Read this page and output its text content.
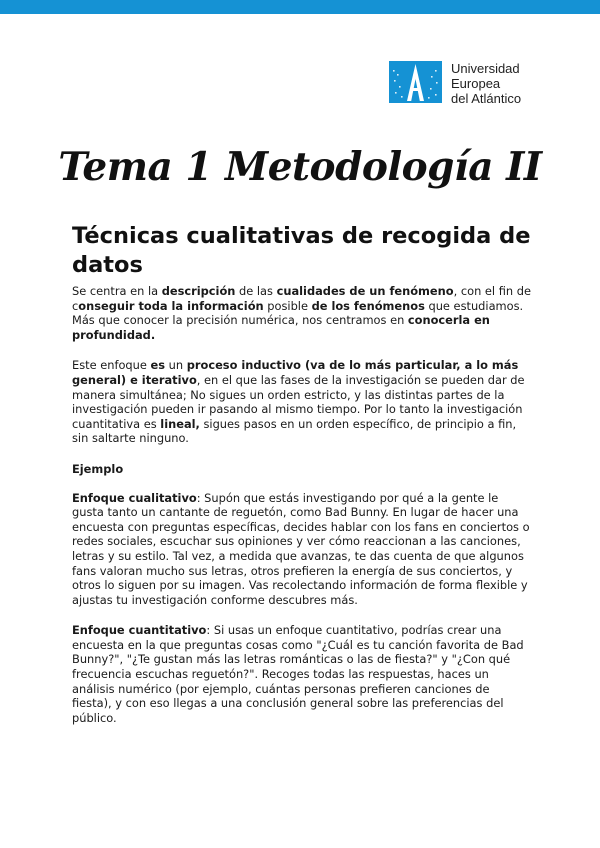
Universidad
Europea
del Atlántico
Tema 1 Metodología II
Técnicas cualitativas de recogida de datos

Se centra en la descripción de las cualidades de un fenómeno, con el fin de conseguir toda la información posible de los fenómenos que estudiamos. Más que conocer la precisión numérica, nos centramos en conocerla en profundidad.

Este enfoque es un proceso inductivo (va de lo más particular, a lo más general) e iterativo, en el que las fases de la investigación se pueden dar de manera simultánea; No sigues un orden estricto, y las distintas partes de la investigación pueden ir pasando al mismo tiempo. Por lo tanto la investigación cuantitativa es lineal, sigues pasos en un orden específico, de principio a fin, sin saltarte ninguno.

Ejemplo

Enfoque cualitativo: Supón que estás investigando por qué a la gente le gusta tanto un cantante de reguetón, como Bad Bunny. En lugar de hacer una encuesta con preguntas específicas, decides hablar con los fans en conciertos o redes sociales, escuchar sus opiniones y ver cómo reaccionan a las canciones, letras y su estilo. Tal vez, a medida que avanzas, te das cuenta de que algunos fans valoran mucho sus letras, otros prefieren la energía de sus conciertos, y otros lo siguen por su imagen. Vas recolectando información de forma flexible y ajustas tu investigación conforme descubres más.

Enfoque cuantitativo: Si usas un enfoque cuantitativo, podrías crear una encuesta en la que preguntas cosas como "¿Cuál es tu canción favorita de Bad Bunny?", "¿Te gustan más las letras románticas o las de fiesta?" y "¿Con qué frecuencia escuchas reguetón?". Recoges todas las respuestas, haces un análisis numérico (por ejemplo, cuántas personas prefieren canciones de fiesta), y con eso llegas a una conclusión general sobre las preferencias del público.
